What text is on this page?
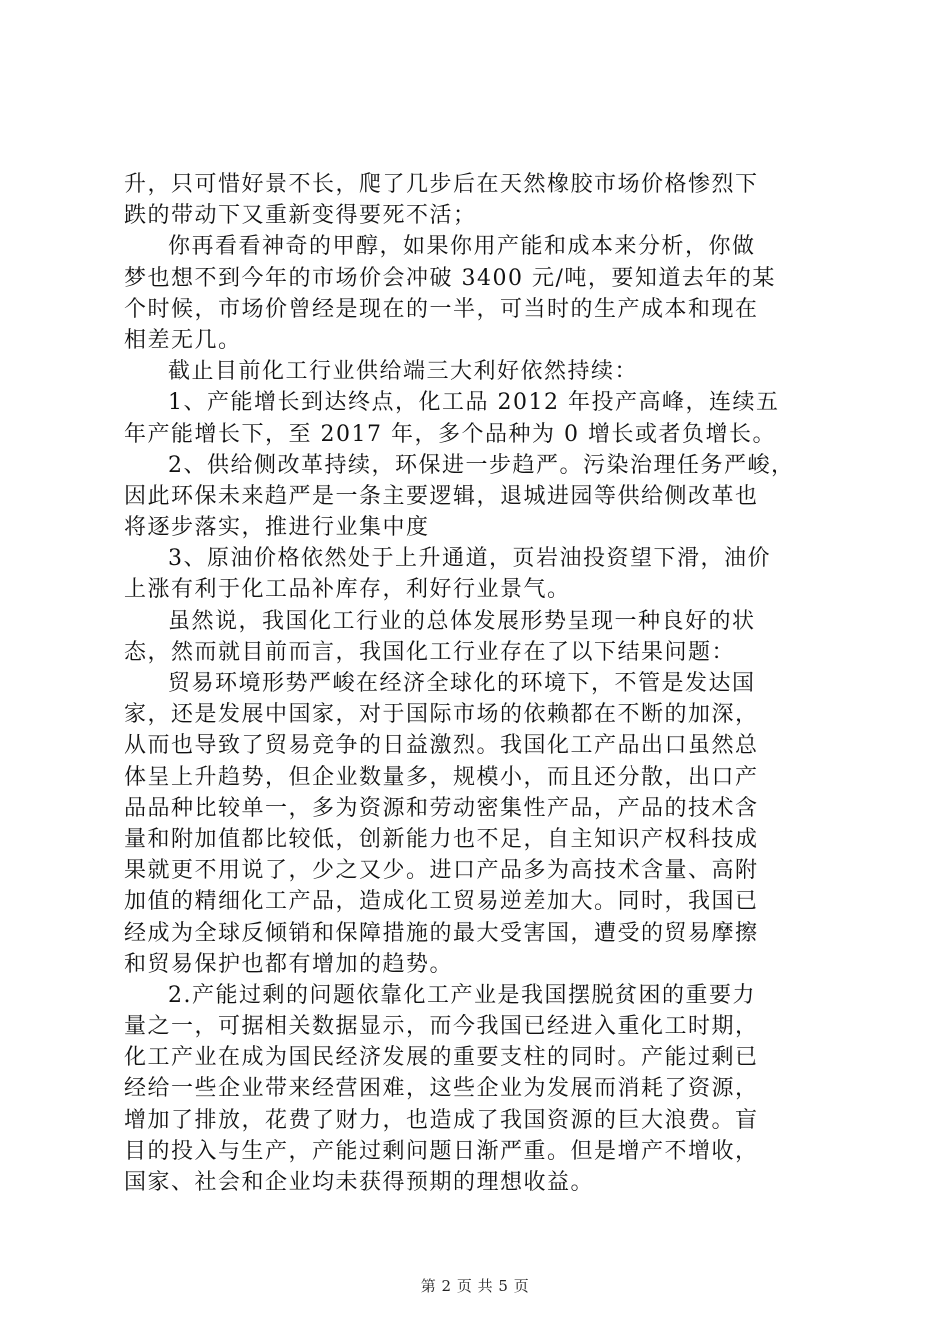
升，只可惜好景不长，爬了几步后在天然橡胶市场价格惨烈下
跌的带动下又重新变得要死不活；
你再看看神奇的甲醇，如果你用产能和成本来分析，你做
梦也想不到今年的市场价会冲破 3400 元/吨，要知道去年的某
个时候，市场价曾经是现在的一半，可当时的生产成本和现在
相差无几。
截止目前化工行业供给端三大利好依然持续：
1、产能增长到达终点，化工品 2012 年投产高峰，连续五
年产能增长下，至 2017 年，多个品种为 0 增长或者负增长。
2、供给侧改革持续，环保进一步趋严。污染治理任务严峻，
因此环保未来趋严是一条主要逻辑，退城进园等供给侧改革也
将逐步落实，推进行业集中度
3、原油价格依然处于上升通道，页岩油投资望下滑，油价
上涨有利于化工品补库存，利好行业景气。
虽然说，我国化工行业的总体发展形势呈现一种良好的状
态，然而就目前而言，我国化工行业存在了以下结果问题：
贸易环境形势严峻在经济全球化的环境下，不管是发达国
家，还是发展中国家，对于国际市场的依赖都在不断的加深，
从而也导致了贸易竞争的日益激烈。我国化工产品出口虽然总
体呈上升趋势，但企业数量多，规模小，而且还分散，出口产
品品种比较单一，多为资源和劳动密集性产品，产品的技术含
量和附加值都比较低，创新能力也不足，自主知识产权科技成
果就更不用说了，少之又少。进口产品多为高技术含量、高附
加值的精细化工产品，造成化工贸易逆差加大。同时，我国已
经成为全球反倾销和保障措施的最大受害国，遭受的贸易摩擦
和贸易保护也都有增加的趋势。
2.产能过剩的问题依靠化工产业是我国摆脱贫困的重要力
量之一，可据相关数据显示，而今我国已经进入重化工时期，
化工产业在成为国民经济发展的重要支柱的同时。产能过剩已
经给一些企业带来经营困难，这些企业为发展而消耗了资源，
增加了排放，花费了财力，也造成了我国资源的巨大浪费。盲
目的投入与生产，产能过剩问题日渐严重。但是增产不增收，
国家、社会和企业均未获得预期的理想收益。
第 2 页 共 5 页
